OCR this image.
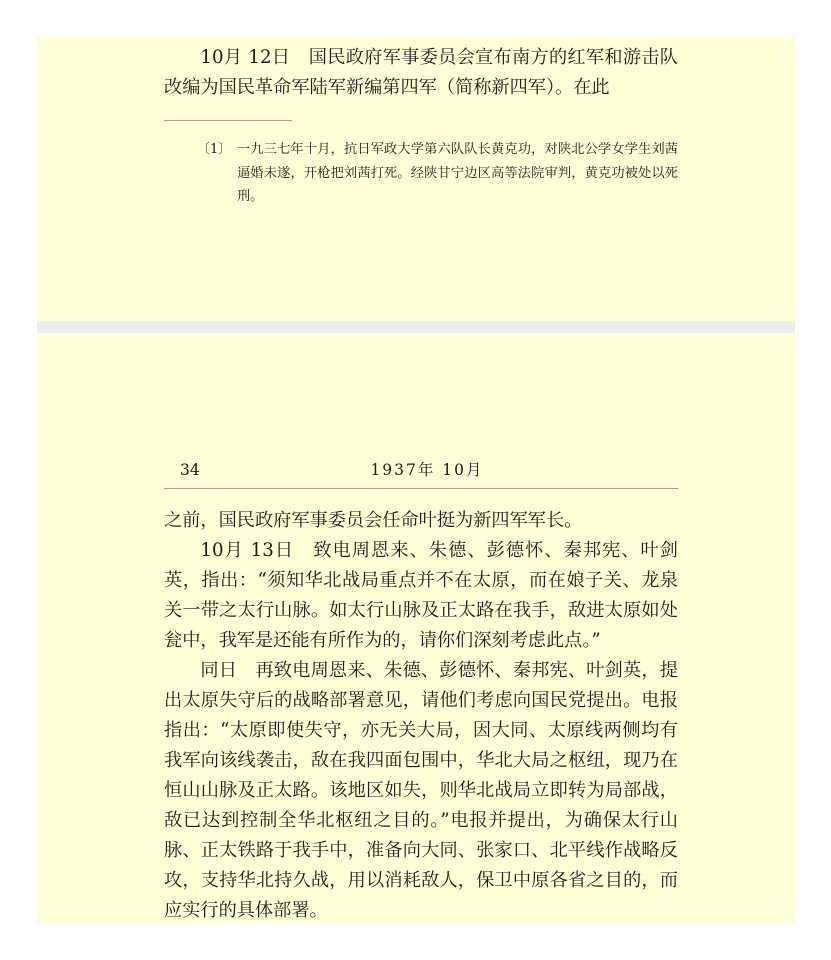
10月 12日　国民政府军事委员会宣布南方的红军和游击队改编为国民革命军陆军新编第四军（简称新四军）。在此
〔1〕 一九三七年十月，抗日军政大学第六队队长黄克功，对陕北公学女学生刘茜逼婚未遂，开枪把刘茜打死。经陕甘宁边区高等法院审判，黄克功被处以死刑。
34	1937年 10月

之前，国民政府军事委员会任命叶挺为新四军军长。

10月 13日　致电周恩来、朱德、彭德怀、秦邦宪、叶剑英，指出：“须知华北战局重点并不在太原，而在娘子关、龙泉关一带之太行山脉。如太行山脉及正太路在我手，敌进太原如处瓮中，我军是还能有所作为的，请你们深刻考虑此点。”

同日　再致电周恩来、朱德、彭德怀、秦邦宪、叶剑英，提出太原失守后的战略部署意见，请他们考虑向国民党提出。电报指出：“太原即使失守，亦无关大局，因大同、太原线两侧均有我军向该线袭击，敌在我四面包围中，华北大局之枢纽，现乃在恒山山脉及正太路。该地区如失，则华北战局立即转为局部战，敌已达到控制全华北枢纽之目的。”电报并提出，为确保太行山脉、正太铁路于我手中，准备向大同、张家口、北平线作战略反攻，支持华北持久战，用以消耗敌人，保卫中原各省之目的，而应实行的具体部署。
